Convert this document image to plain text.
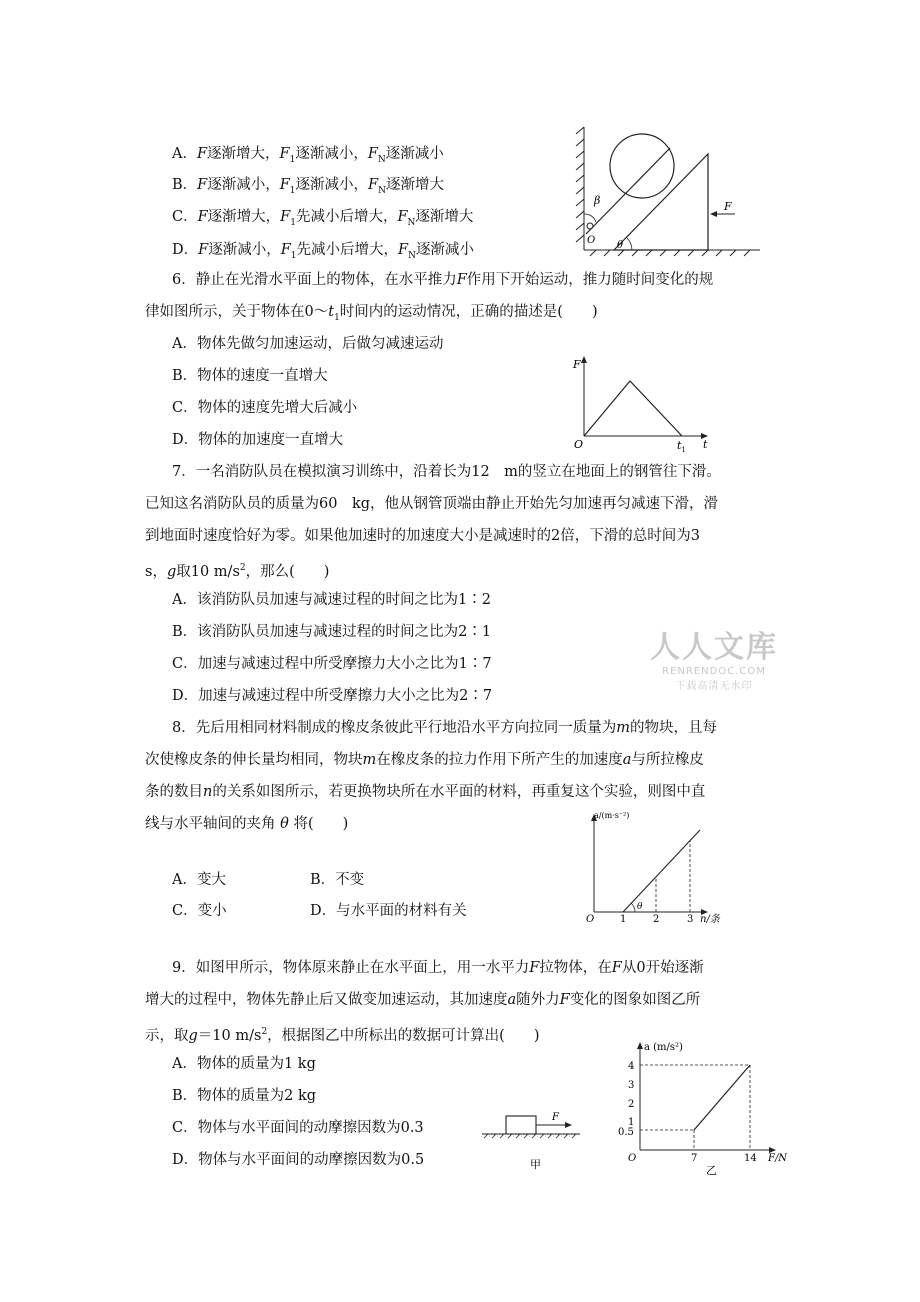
A．F逐渐增大，$F_1$逐渐减小，$F_N$逐渐减小
B．F逐渐减小，$F_1$逐渐减小，$F_N$逐渐增大
C．F逐渐增大，$F_1$先减小后增大，$F_N$逐渐增大
D．F逐渐减小，$F_1$先减小后增大，$F_N$逐渐减小
β
O θ
F
6．静止在光滑水平面上的物体，在水平推力F作用下开始运动，推力随时间变化的规
律如图所示，关于物体在$0\sim t_1$时间内的运动情况，正确的描述是(　　)
A．物体先做匀加速运动，后做匀减速运动
B．物体的速度一直增大
C．物体的速度先增大后减小
D．物体的加速度一直增大
F
O	$t_1$ t
7．一名消防队员在模拟演习训练中，沿着长为12　m的竖立在地面上的钢管往下滑。
已知这名消防队员的质量为60　kg，他从钢管顶端由静止开始先匀加速再匀减速下滑，滑
到地面时速度恰好为零。如果他加速时的加速度大小是减速时的2倍，下滑的总时间为3
s，g取10 $m/s^2$，那么(　　)
A．该消防队员加速与减速过程的时间之比为1∶2
B．该消防队员加速与减速过程的时间之比为2∶1
C．加速与减速过程中所受摩擦力大小之比为1∶7
D．加速与减速过程中所受摩擦力大小之比为2∶7
人人文库
RENRENDOC.COM
下载高清无水印
8．先后用相同材料制成的橡皮条彼此平行地沿水平方向拉同一质量为m的物块，且每
次使橡皮条的伸长量均相同，物块m在橡皮条的拉力作用下所产生的加速度a与所拉橡皮
条的数目n的关系如图所示，若更换物块所在水平面的材料，再重复这个实验，则图中直
线与水平轴间的夹角 θ 将(　　)
A．变大	B．不变
C．变小	D．与水平面的材料有关
a/(m·s⁻²)
O	1	2	3 n/条
θ
9．如图甲所示，物体原来静止在水平面上，用一水平力F拉物体，在F从0开始逐渐
增大的过程中，物体先静止后又做变加速运动，其加速度a随外力F变化的图象如图乙所
示，取g＝10 $m/s^2$，根据图乙中所标出的数据可计算出(　　)
A．物体的质量为1 kg
B．物体的质量为2 kg
C．物体与水平面间的动摩擦因数为0.3
D．物体与水平面间的动摩擦因数为0.5
F
甲
a (m/s²)
4
3
2
1
0.5
O	7	14 F/N
乙
